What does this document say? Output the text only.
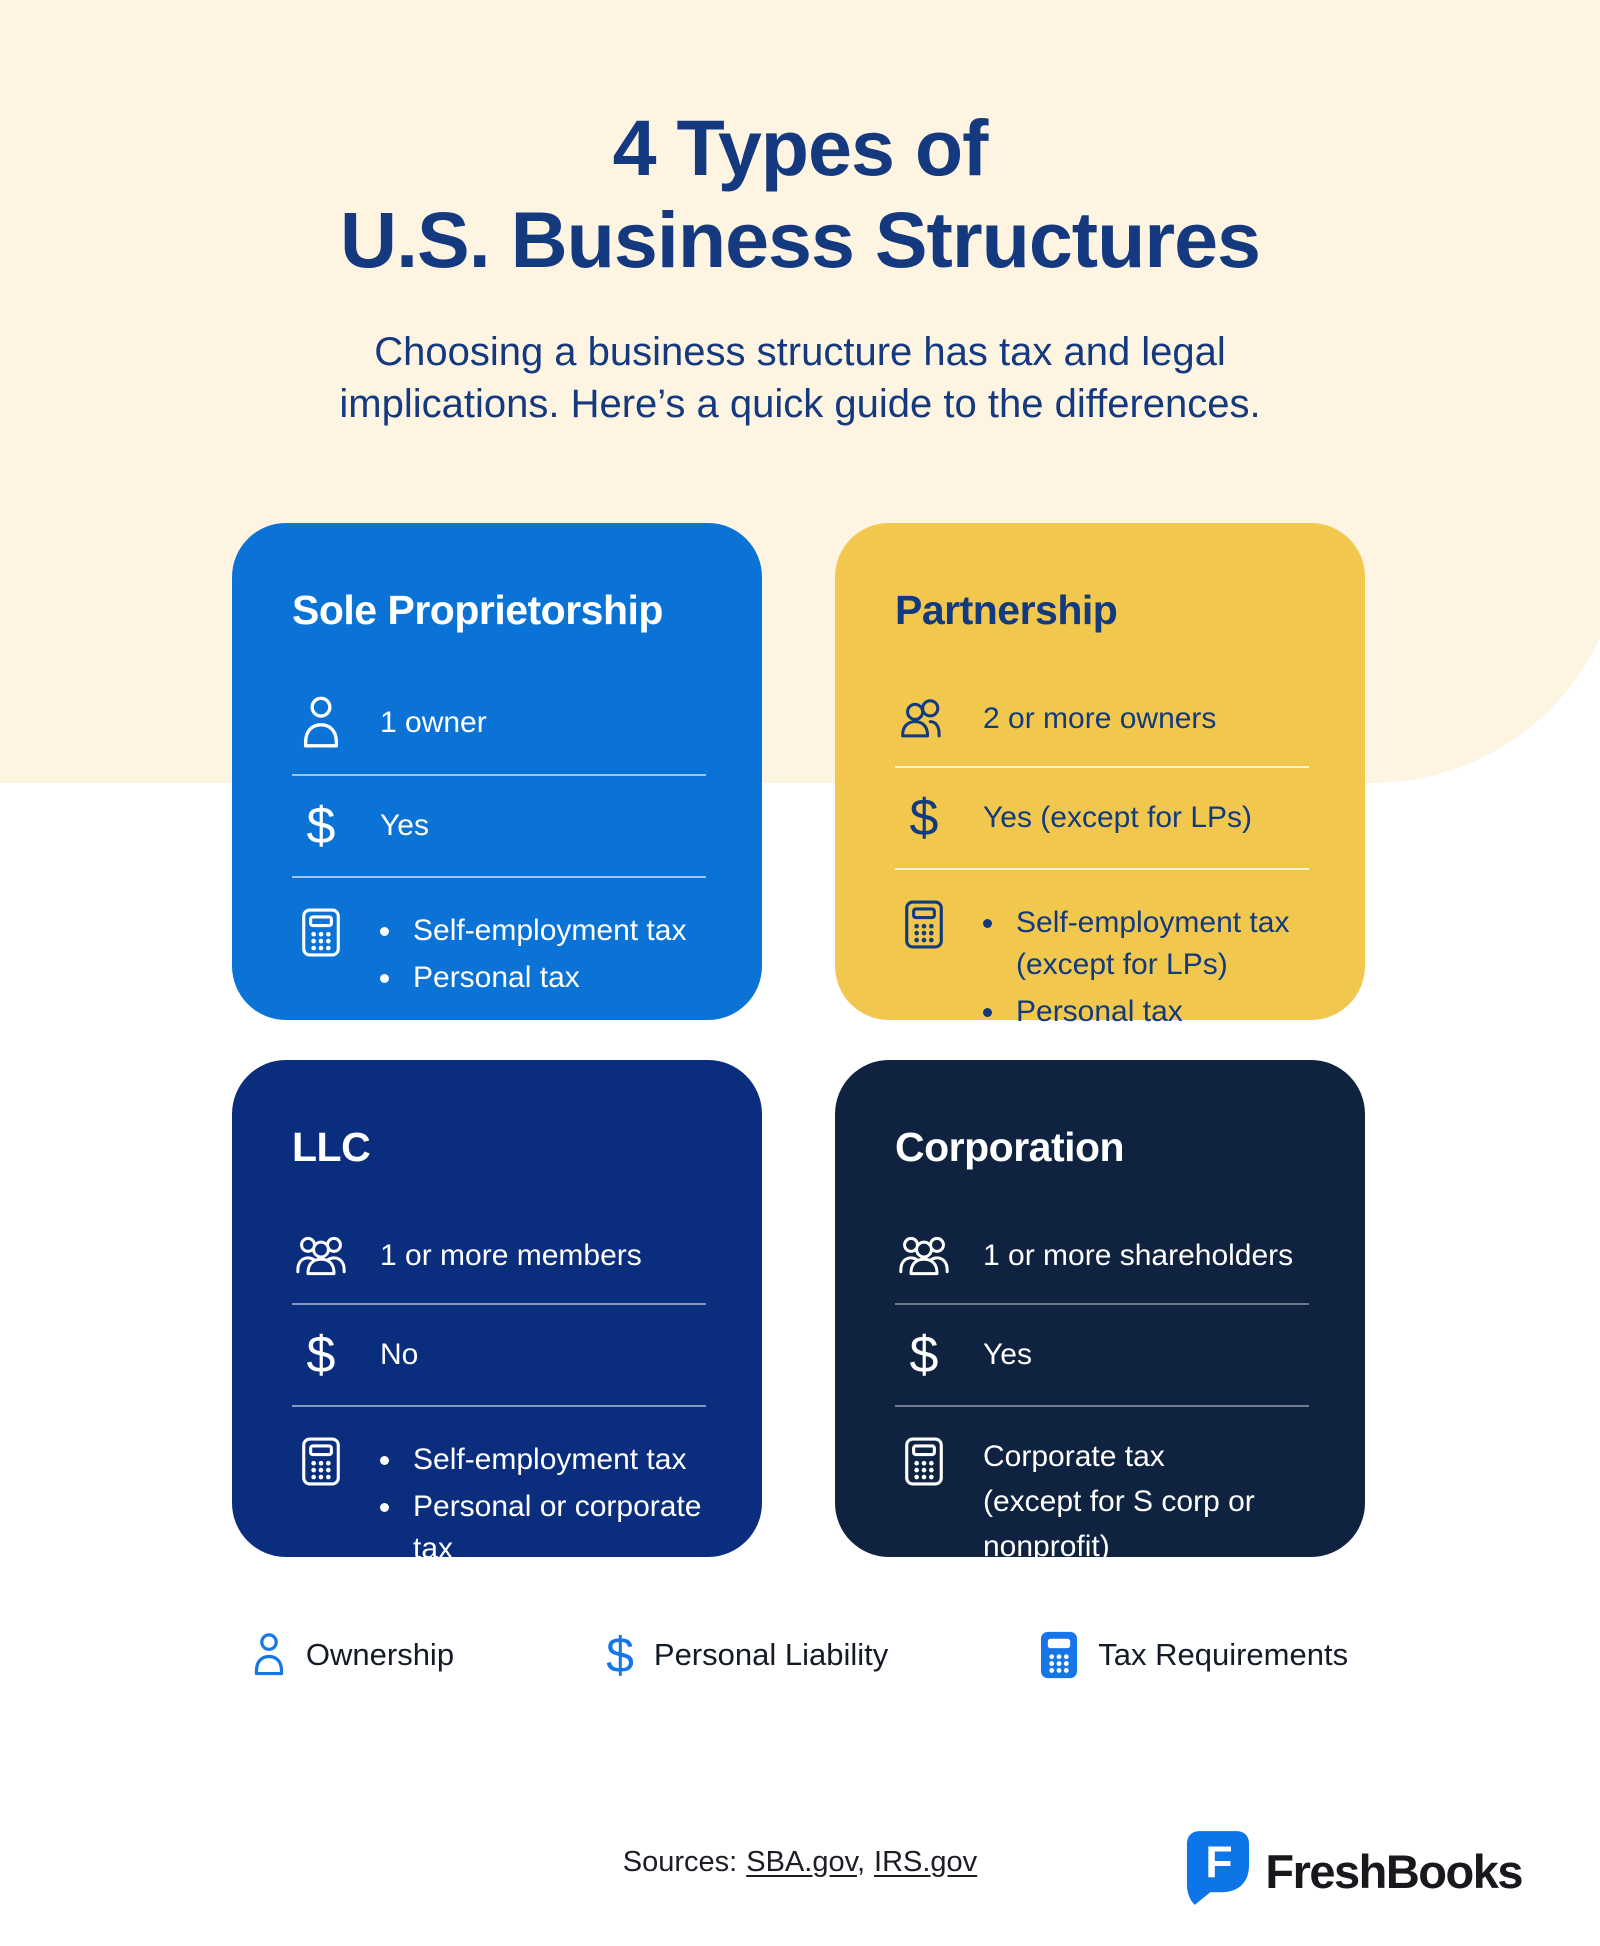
4 Types of
U.S. Business Structures
Choosing a business structure has tax and legal
implications. Here’s a quick guide to the differences.
Sole Proprietorship
1 owner
$ Yes
• Self-employment tax
• Personal tax
Partnership
2 or more owners
$ Yes (except for LPs)
• Self-employment tax (except for LPs)
• Personal tax
LLC
1 or more members
$ No
• Self-employment tax
• Personal or corporate tax
Corporation
1 or more shareholders
$ Yes
Corporate tax
(except for S corp or nonprofit)
Ownership	$ Personal Liability	Tax Requirements
Sources: SBA.gov, IRS.gov	F FreshBooks
